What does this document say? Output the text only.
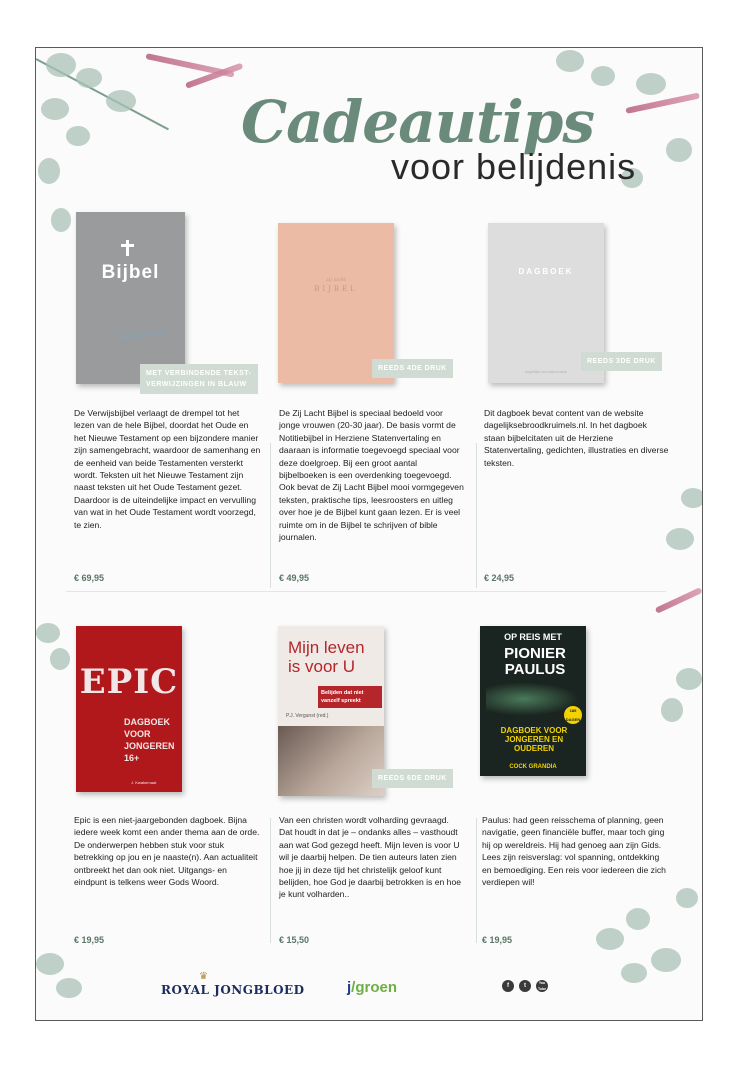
Cadeautips
voor belijdenis
Bijbel
Herziene Statenvertaling met verwijsteksten
MET VERBINDENDE TEKST-
VERWIJZINGEN IN BLAUW
De Verwijsbijbel verlaagt de drempel tot het lezen van de hele Bijbel, doordat het Oude en het Nieuwe Testament op een bijzondere manier zijn samengebracht, waardoor de samenhang en de eenheid van beide Testamenten versterkt wordt. Teksten uit het Nieuwe Testament zijn naast teksten uit het Oude Testament gezet. Daardoor is de uiteindelijke impact en vervulling van wat in het Oude Testament wordt voorzegd, te zien.
€ 69,95
zij lacht
BIJBEL
REEDS 4DE DRUK
De Zij Lacht Bijbel is speciaal bedoeld voor jonge vrouwen (20-30 jaar). De basis vormt de Notitiebijbel in Herziene Statenvertaling en daaraan is informatie toegevoegd speciaal voor deze doelgroep. Bij een groot aantal bijbelboeken is een overdenking toegevoegd. Ook bevat de Zij Lacht Bijbel mooi vormgegeven teksten, praktische tips, leesroosters en uitleg over hoe je de Bijbel kunt gaan lezen. Er is veel ruimte om in de Bijbel te schrijven of bible journalen.
€ 49,95
DAGBOEK
dagelijks broodkruimels
REEDS 3DE DRUK
Dit dagboek bevat content van de website dagelijksebroodkruimels.nl. In het dagboek staan bijbelcitaten uit de Herziene Statenvertaling, gedichten, illustraties en diverse teksten.
€ 24,95
EPIC
DAGBOEK VOOR JONGEREN 16+
J. Kwakernaat
Epic is een niet-jaargebonden dagboek. Bijna iedere week komt een ander thema aan de orde. De onderwerpen hebben stuk voor stuk betrekking op jou en je naaste(n). Aan actualiteit ontbreekt het dan ook niet. Uitgangs- en eindpunt is telkens weer Gods Woord.
€ 19,95
Mijn leven is voor U
Belijden dat niet vanzelf spreekt
P.J. Vergunst (red.)
REEDS 6DE DRUK
Van een christen wordt volharding gevraagd. Dat houdt in dat je – ondanks alles – vasthoudt aan wat God gezegd heeft. Mijn leven is voor U wil je daarbij helpen. De tien auteurs laten zien hoe jij in deze tijd het christelijk geloof kunt belijden, hoe God je daarbij betrokken is en hoe je kunt volharden..
€ 15,50
OP REIS MET
PIONIER PAULUS
185 DAGEN
DAGBOEK VOOR JONGEREN EN OUDEREN
COCK GRANDIA
Paulus: had geen reisschema of planning, geen navigatie, geen financiële buffer, maar toch ging hij op wereldreis. Hij had genoeg aan zijn Gids. Lees zijn reisverslag: vol spanning, ontdekking en bemoediging. Een reis voor iedereen die zich verdiepen wil!
€ 19,95
♛
ROYAL JONGBLOED	j/groen	f	t	You Tube
